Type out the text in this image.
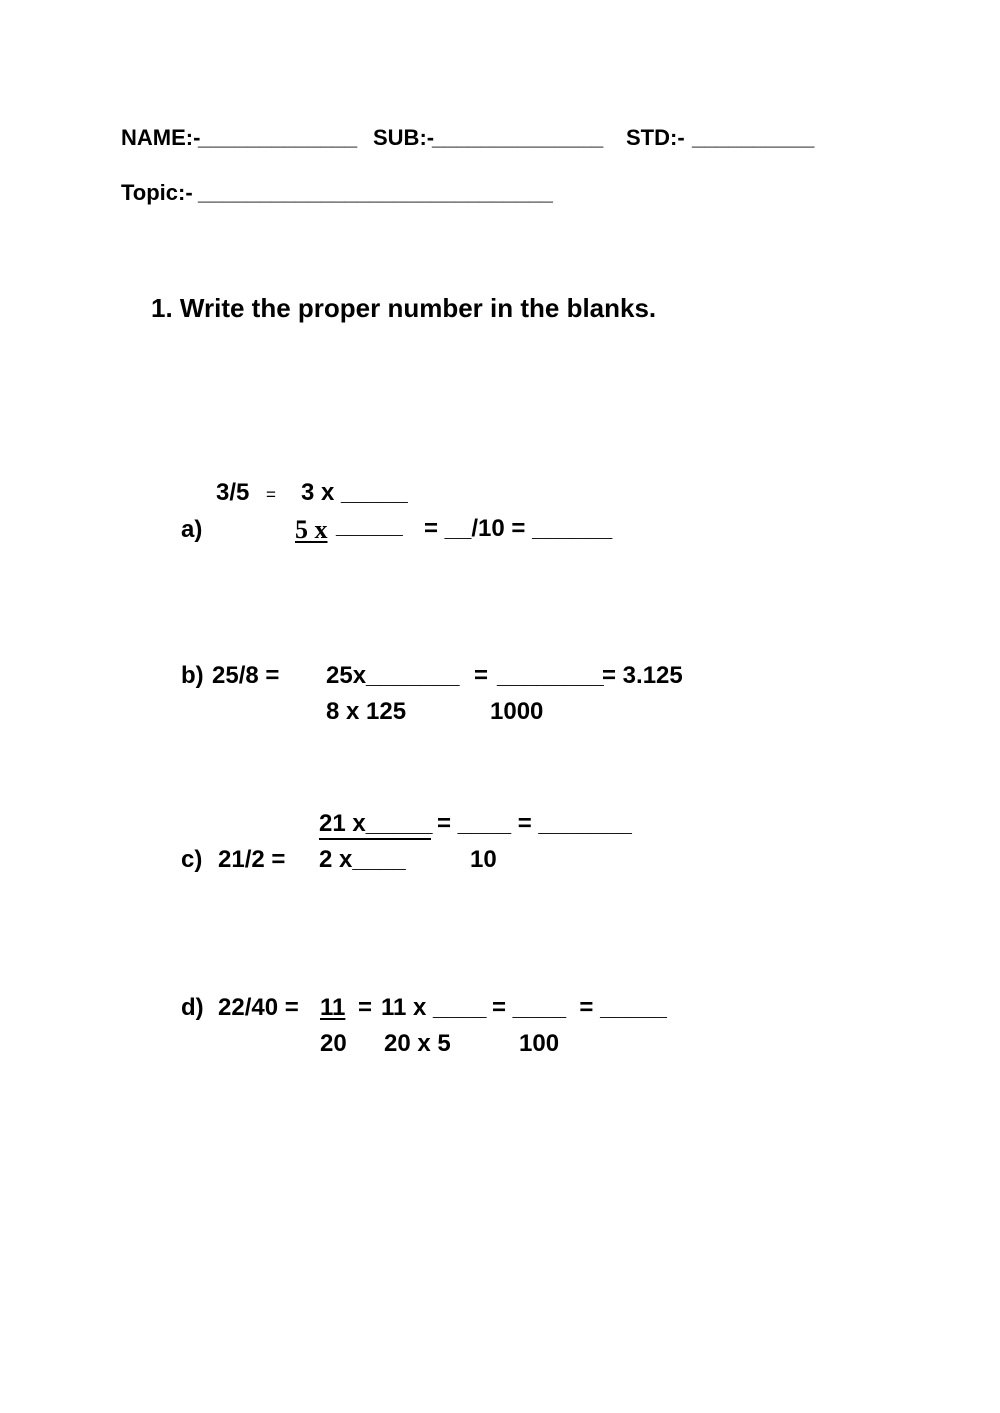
NAME:-
_____________ SUB:-
______________ STD:- __________
Topic:- _____________________________
1. Write the proper number in the blanks.
3/5 = 3 x _____
a)	5 x _____ = __/10 = ______
b) 25/8 = 25x_______ = ________
= 3.125
8 x 125	1000
21 x_____ = ____ = _______
c) 21/2 = 2 x____	10
d) 22/40 = 11 = 11 x ____ = ____  = _____
20 20 x 5	100
